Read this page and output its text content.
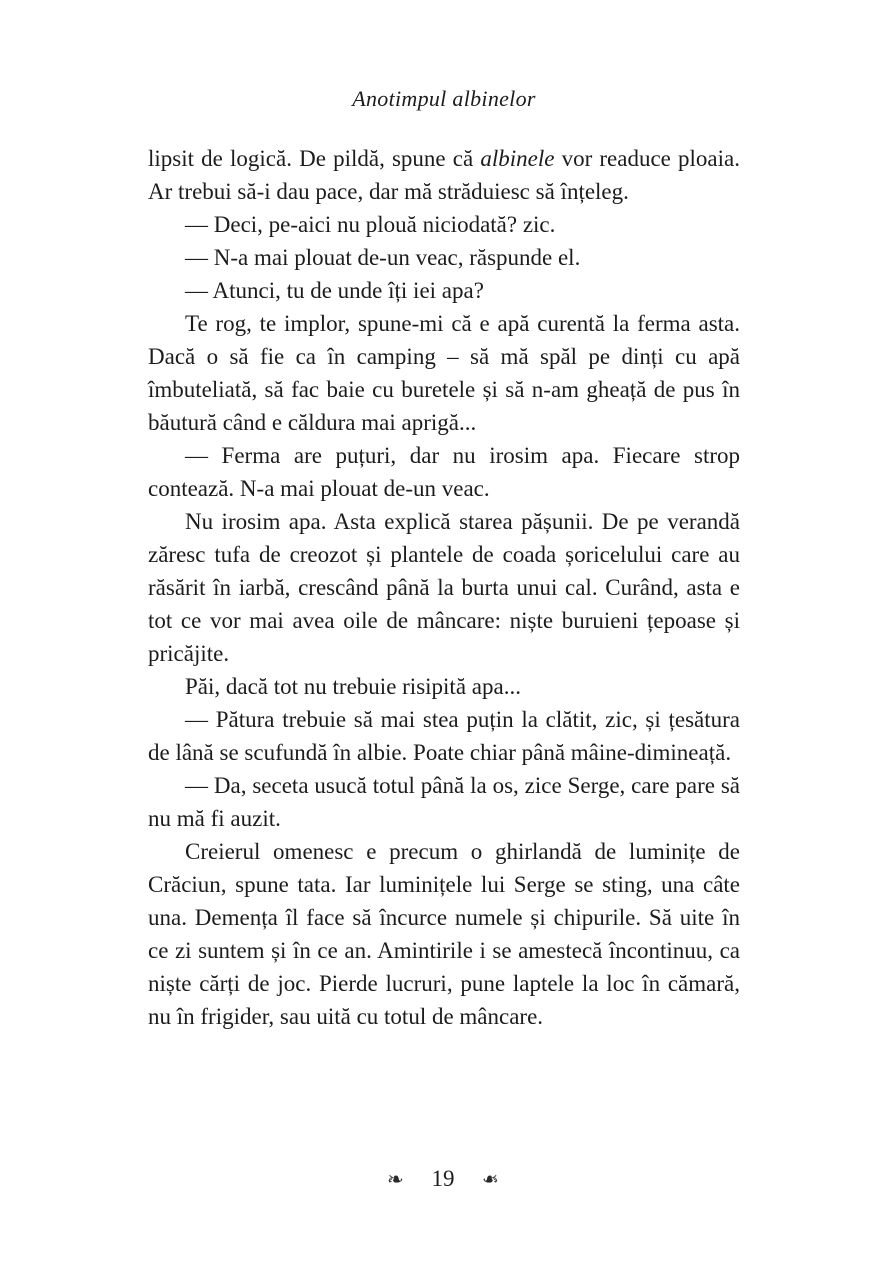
Anotimpul albinelor

lipsit de logică. De pildă, spune că albinele vor readuce ploaia. Ar trebui să-i dau pace, dar mă străduiesc să înțeleg.

— Deci, pe-aici nu plouă niciodată? zic.

— N-a mai plouat de-un veac, răspunde el.

— Atunci, tu de unde îți iei apa?

Te rog, te implor, spune-mi că e apă curentă la ferma asta. Dacă o să fie ca în camping – să mă spăl pe dinți cu apă îmbuteliată, să fac baie cu buretele și să n-am gheață de pus în băutură când e căldura mai aprigă...

— Ferma are puțuri, dar nu irosim apa. Fiecare strop contează. N-a mai plouat de-un veac.

Nu irosim apa. Asta explică starea pășunii. De pe verandă zăresc tufa de creozot și plantele de coada șoricelului care au răsărit în iarbă, crescând până la burta unui cal. Curând, asta e tot ce vor mai avea oile de mâncare: niște buruieni țepoase și pricăjite.

Păi, dacă tot nu trebuie risipită apa...

— Pătura trebuie să mai stea puțin la clătit, zic, și țesătura de lână se scufundă în albie. Poate chiar până mâine-dimineață.

— Da, seceta usucă totul până la os, zice Serge, care pare să nu mă fi auzit.

Creierul omenesc e precum o ghirlandă de luminițe de Crăciun, spune tata. Iar luminițele lui Serge se sting, una câte una. Demența îl face să încurce numele și chipurile. Să uite în ce zi suntem și în ce an. Amintirile i se amestecă încontinuu, ca niște cărți de joc. Pierde lucruri, pune laptele la loc în cămară, nu în frigider, sau uită cu totul de mâncare.

❧ 19 ❧
